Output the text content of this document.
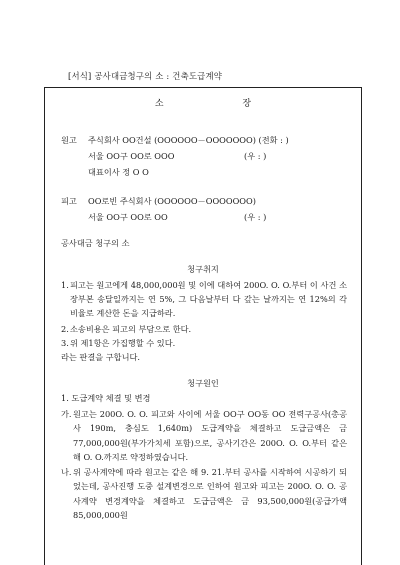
[서식] 공사대금청구의 소 : 건축도급계약
소 장
원고	주식회사 OO건설 (OOOOOO－OOOOOOO) (전화 : )
서울 OO구 OO로 OOO	(우 : )
대표이사 정 O O
피고	OO로빈 주식회사 (OOOOOO－OOOOOOO)
서울 OO구 OO로 OO	(우 : )
공사대금 청구의 소
청구취지
1. 피고는 원고에게 48,000,000원 및 이에 대하여 200O. O. O.부터 이 사건 소장부본 송달일까지는 연 5%, 그 다음날부터 다 갚는 날까지는 연 12%의 각 비율로 계산한 돈을 지급하라.
2. 소송비용은 피고의 부담으로 한다.
3. 위 제1항은 가집행할 수 있다.
라는 판결을 구합니다.
청구원인
1. 도급계약 체결 및 변경
가. 원고는 200O. O. O. 피고와 사이에 서울 OO구 OO동 OO 전력구공사(총공사 190m, 충심도 1,640m) 도급계약을 체결하고 도급금액은 금 77,000,000원(부가가치세 포함)으로, 공사기간은 200O. O. O.부터 같은 해 O. O.까지로 약정하였습니다.
나. 위 공사계약에 따라 원고는 같은 해 9. 21.부터 공사를 시작하여 시공하기 되었는데, 공사진행 도중 설계변경으로 인하여 원고와 피고는 200O. O. O. 공사계약 변경계약을 체결하고 도급금액은 금 93,500,000원(공급가액 85,000,000원
